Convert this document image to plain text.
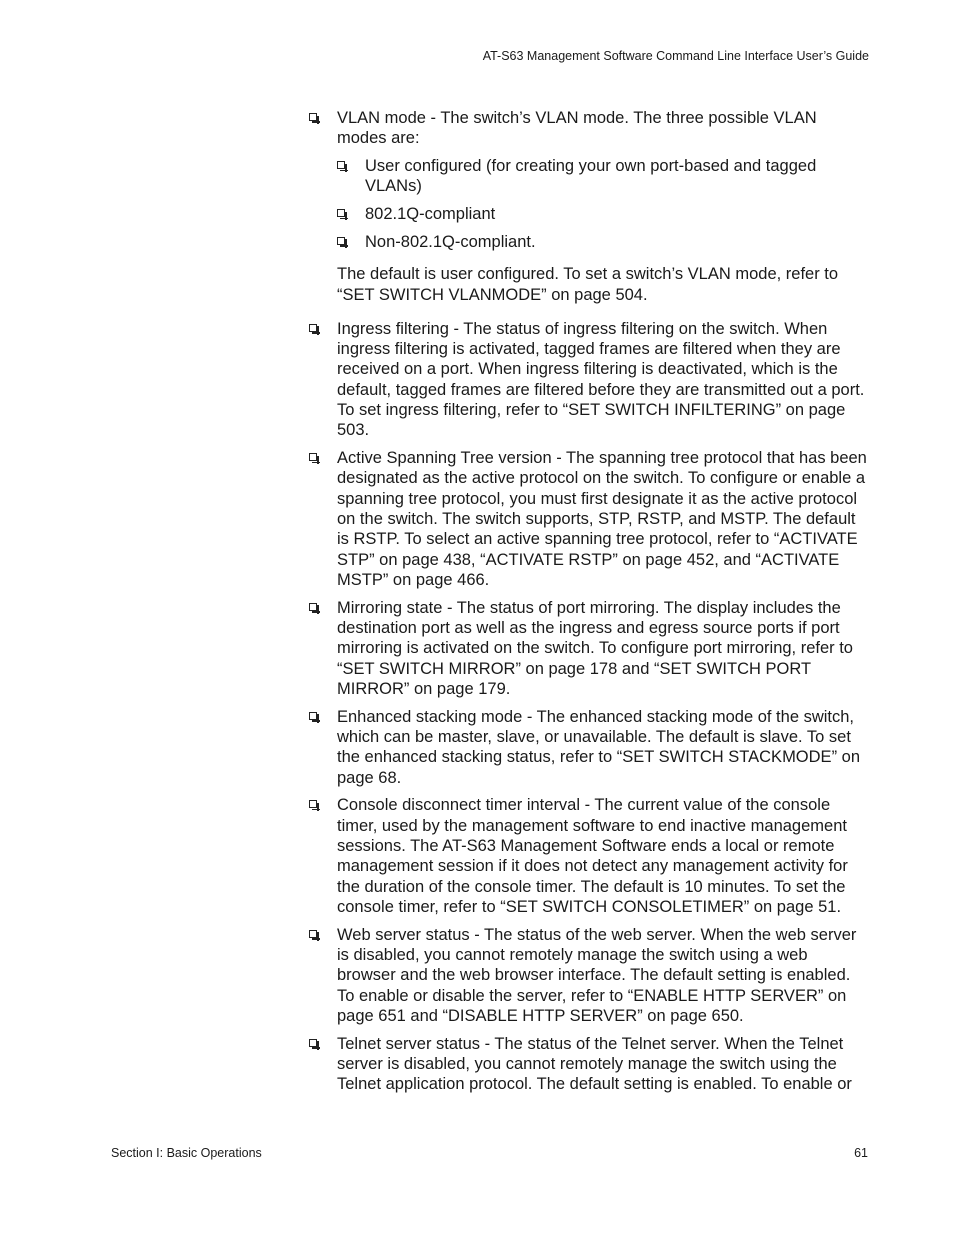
AT-S63 Management Software Command Line Interface User’s Guide
VLAN mode - The switch’s VLAN mode. The three possible VLAN modes are:
User configured (for creating your own port-based and tagged VLANs)
802.1Q-compliant
Non-802.1Q-compliant.
The default is user configured. To set a switch’s VLAN mode, refer to “SET SWITCH VLANMODE” on page 504.
Ingress filtering - The status of ingress filtering on the switch. When ingress filtering is activated, tagged frames are filtered when they are received on a port. When ingress filtering is deactivated, which is the default, tagged frames are filtered before they are transmitted out a port. To set ingress filtering, refer to “SET SWITCH INFILTERING” on page 503.
Active Spanning Tree version - The spanning tree protocol that has been designated as the active protocol on the switch. To configure or enable a spanning tree protocol, you must first designate it as the active protocol on the switch. The switch supports, STP, RSTP, and MSTP. The default is RSTP. To select an active spanning tree protocol, refer to “ACTIVATE STP” on page 438, “ACTIVATE RSTP” on page 452, and “ACTIVATE MSTP” on page 466.
Mirroring state - The status of port mirroring. The display includes the destination port as well as the ingress and egress source ports if port mirroring is activated on the switch. To configure port mirroring, refer to “SET SWITCH MIRROR” on page 178 and “SET SWITCH PORT MIRROR” on page 179.
Enhanced stacking mode - The enhanced stacking mode of the switch, which can be master, slave, or unavailable. The default is slave. To set the enhanced stacking status, refer to “SET SWITCH STACKMODE” on page 68.
Console disconnect timer interval - The current value of the console timer, used by the management software to end inactive management sessions. The AT-S63 Management Software ends a local or remote management session if it does not detect any management activity for the duration of the console timer. The default is 10 minutes. To set the console timer, refer to “SET SWITCH CONSOLETIMER” on page 51.
Web server status - The status of the web server. When the web server is disabled, you cannot remotely manage the switch using a web browser and the web browser interface. The default setting is enabled. To enable or disable the server, refer to “ENABLE HTTP SERVER” on page 651 and “DISABLE HTTP SERVER” on page 650.
Telnet server status - The status of the Telnet server. When the Telnet server is disabled, you cannot remotely manage the switch using the Telnet application protocol. The default setting is enabled. To enable or
Section I: Basic Operations	61
